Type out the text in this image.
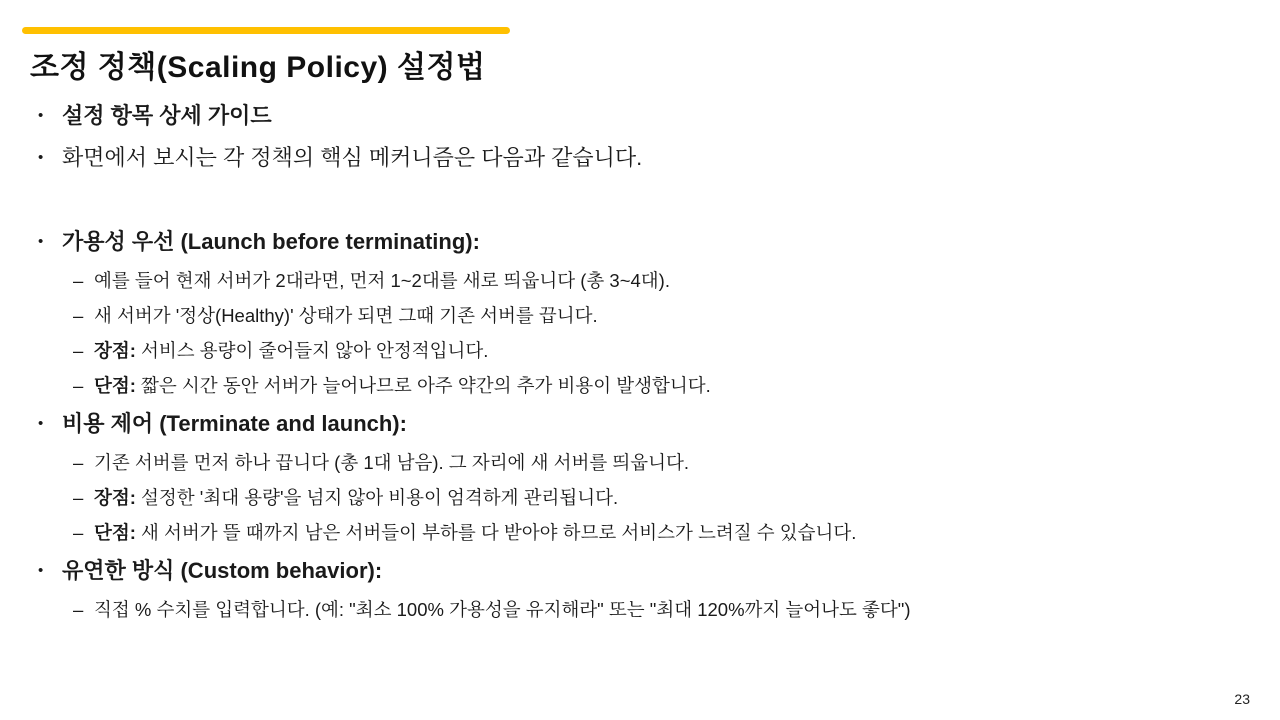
조정 정책(Scaling Policy) 설정법
• 설정 항목 상세 가이드
• 화면에서 보시는 각 정책의 핵심 메커니즘은 다음과 같습니다.
• 가용성 우선 (Launch before terminating):
– 예를 들어 현재 서버가 2대라면, 먼저 1~2대를 새로 띄웁니다 (총 3~4대).
– 새 서버가 '정상(Healthy)' 상태가 되면 그때 기존 서버를 끕니다.
– 장점: 서비스 용량이 줄어들지 않아 안정적입니다.
– 단점: 짧은 시간 동안 서버가 늘어나므로 아주 약간의 추가 비용이 발생합니다.
• 비용 제어 (Terminate and launch):
– 기존 서버를 먼저 하나 끕니다 (총 1대 남음). 그 자리에 새 서버를 띄웁니다.
– 장점: 설정한 '최대 용량'을 넘지 않아 비용이 엄격하게 관리됩니다.
– 단점: 새 서버가 뜰 때까지 남은 서버들이 부하를 다 받아야 하므로 서비스가 느려질 수 있습니다.
• 유연한 방식 (Custom behavior):
– 직접 % 수치를 입력합니다. (예: "최소 100% 가용성을 유지해라" 또는 "최대 120%까지 늘어나도 좋다")
23
